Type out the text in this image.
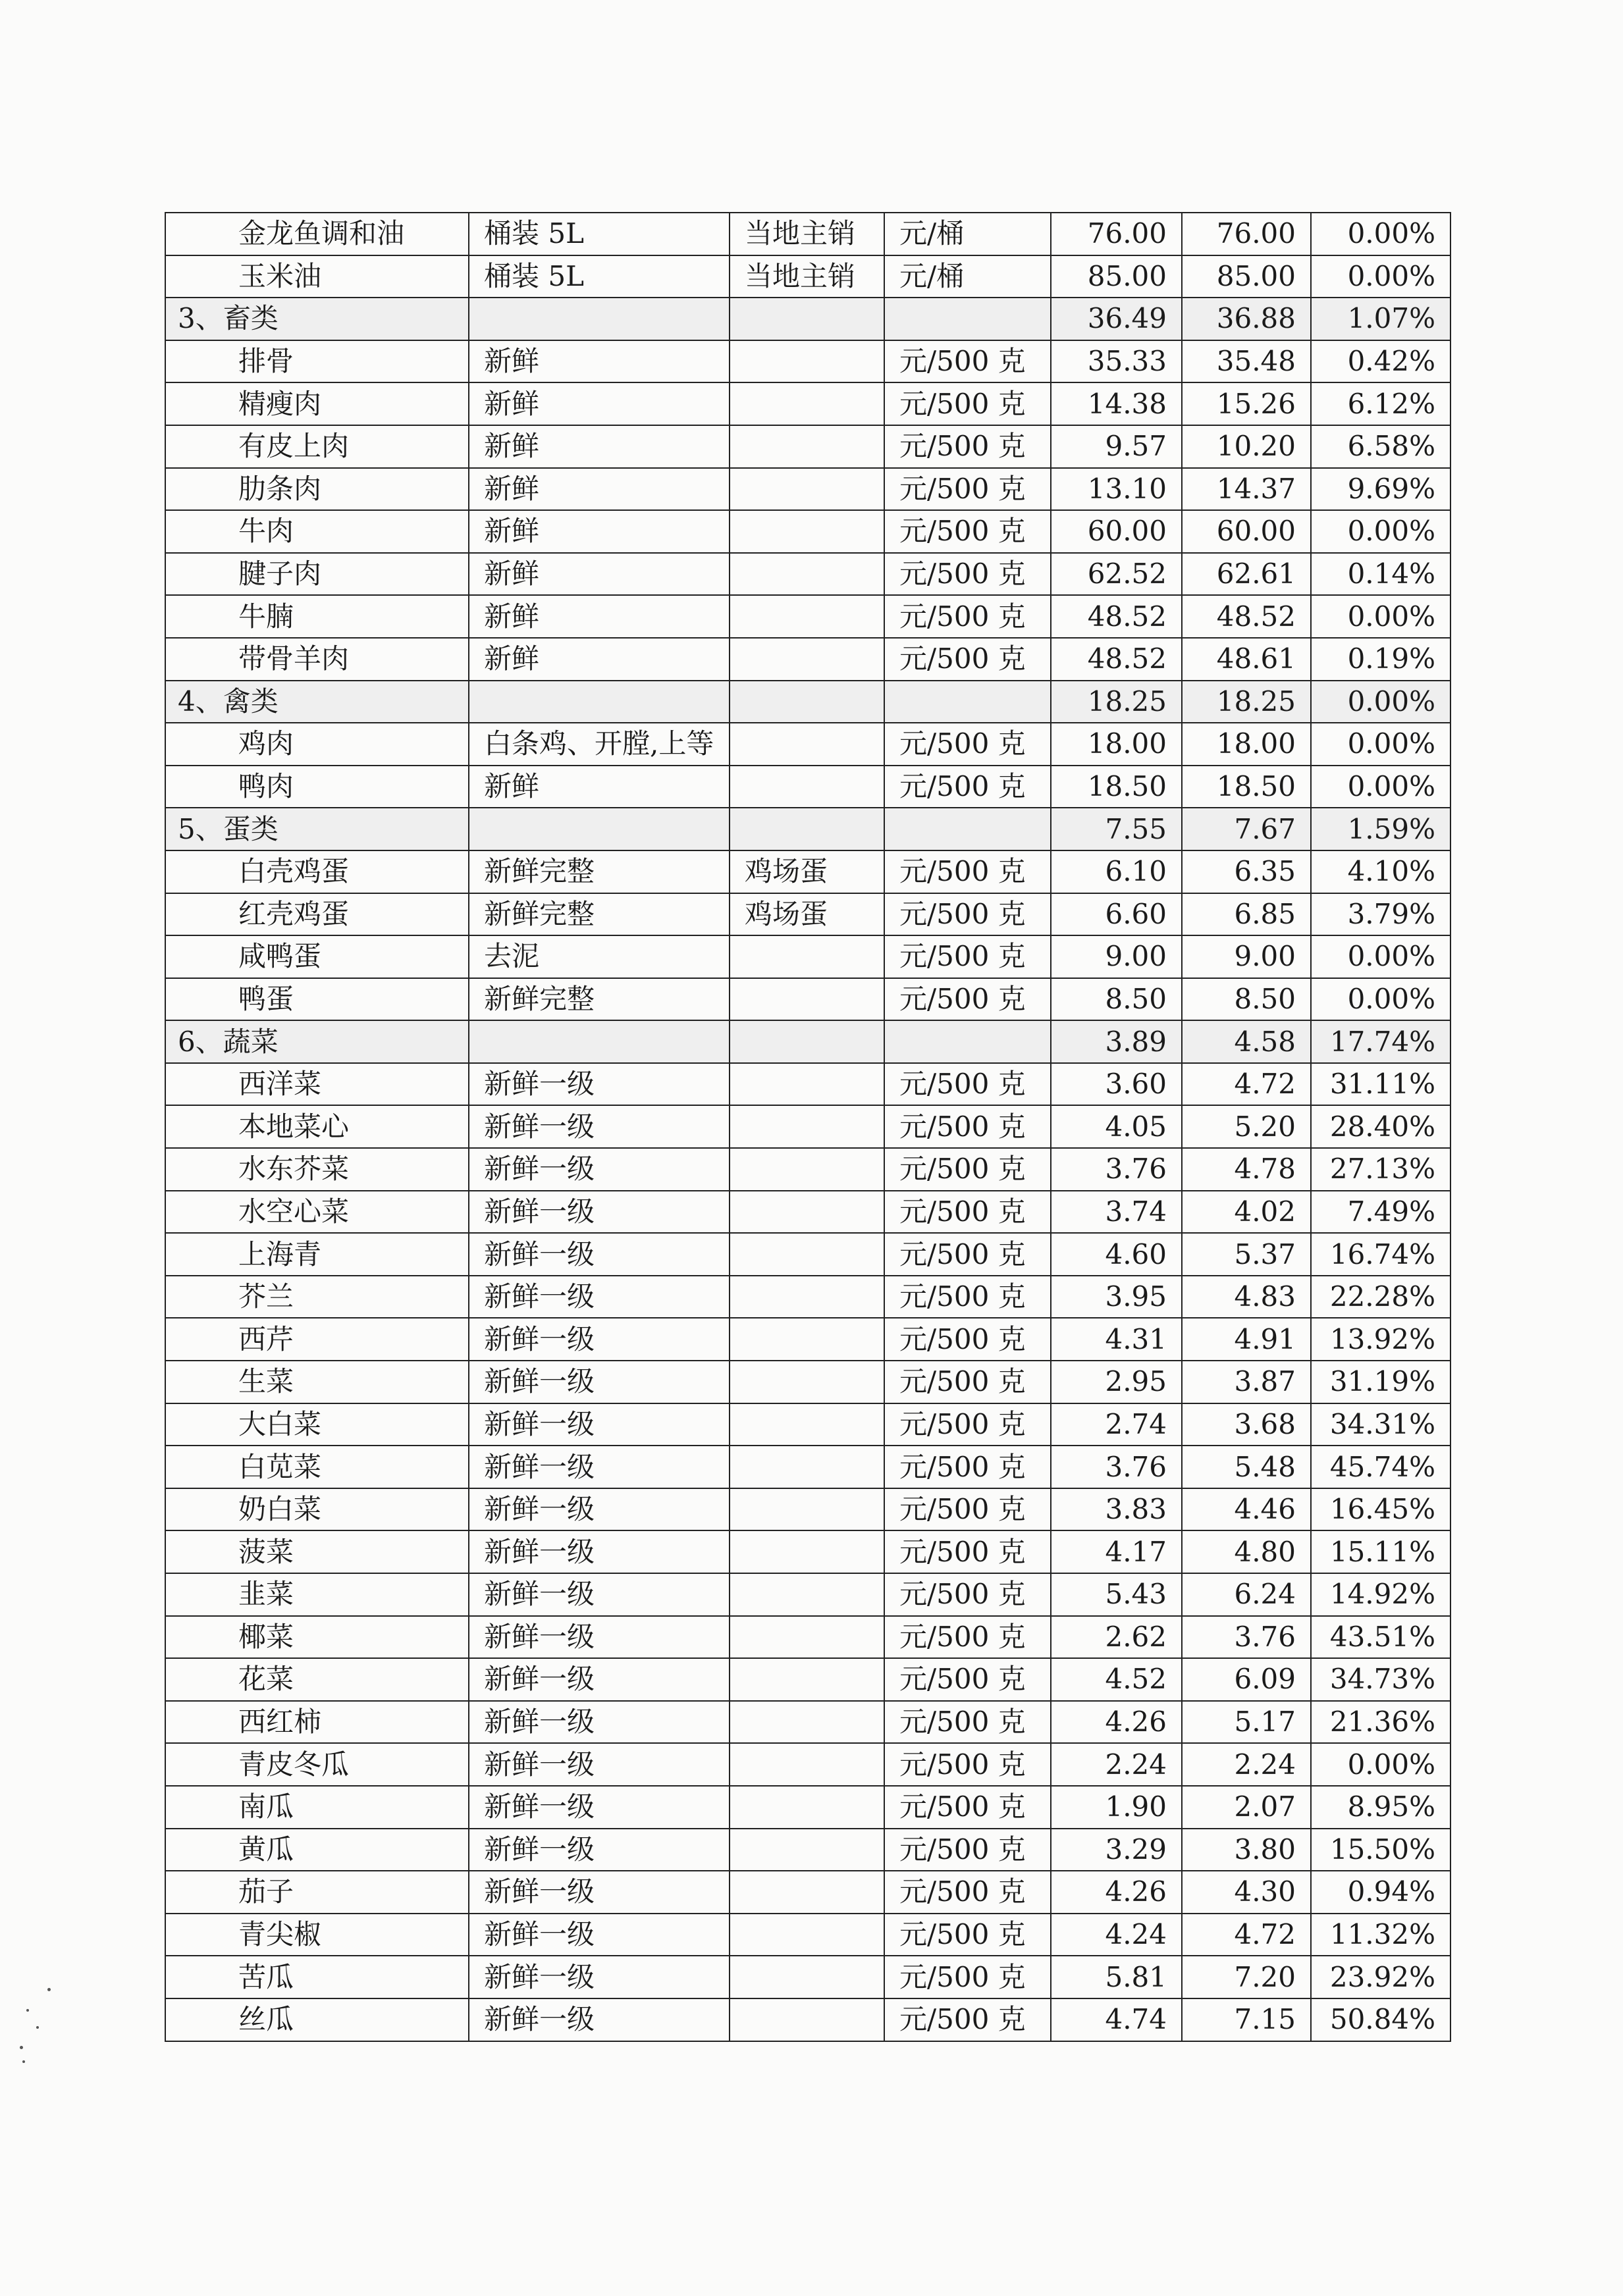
金龙鱼调和油	桶装 5L	当地主销	元/桶	76.00	76.00	0.00%
玉米油	桶装 5L	当地主销	元/桶	85.00	85.00	0.00%
3、畜类				36.49	36.88	1.07%
排骨	新鲜		元/500 克	35.33	35.48	0.42%
精瘦肉	新鲜		元/500 克	14.38	15.26	6.12%
有皮上肉	新鲜		元/500 克	9.57	10.20	6.58%
肋条肉	新鲜		元/500 克	13.10	14.37	9.69%
牛肉	新鲜		元/500 克	60.00	60.00	0.00%
腱子肉	新鲜		元/500 克	62.52	62.61	0.14%
牛腩	新鲜		元/500 克	48.52	48.52	0.00%
带骨羊肉	新鲜		元/500 克	48.52	48.61	0.19%
4、禽类				18.25	18.25	0.00%
鸡肉	白条鸡、开膛,上等		元/500 克	18.00	18.00	0.00%
鸭肉	新鲜		元/500 克	18.50	18.50	0.00%
5、蛋类				7.55	7.67	1.59%
白壳鸡蛋	新鲜完整	鸡场蛋	元/500 克	6.10	6.35	4.10%
红壳鸡蛋	新鲜完整	鸡场蛋	元/500 克	6.60	6.85	3.79%
咸鸭蛋	去泥		元/500 克	9.00	9.00	0.00%
鸭蛋	新鲜完整		元/500 克	8.50	8.50	0.00%
6、蔬菜				3.89	4.58	17.74%
西洋菜	新鲜一级		元/500 克	3.60	4.72	31.11%
本地菜心	新鲜一级		元/500 克	4.05	5.20	28.40%
水东芥菜	新鲜一级		元/500 克	3.76	4.78	27.13%
水空心菜	新鲜一级		元/500 克	3.74	4.02	7.49%
上海青	新鲜一级		元/500 克	4.60	5.37	16.74%
芥兰	新鲜一级		元/500 克	3.95	4.83	22.28%
西芹	新鲜一级		元/500 克	4.31	4.91	13.92%
生菜	新鲜一级		元/500 克	2.95	3.87	31.19%
大白菜	新鲜一级		元/500 克	2.74	3.68	34.31%
白苋菜	新鲜一级		元/500 克	3.76	5.48	45.74%
奶白菜	新鲜一级		元/500 克	3.83	4.46	16.45%
菠菜	新鲜一级		元/500 克	4.17	4.80	15.11%
韭菜	新鲜一级		元/500 克	5.43	6.24	14.92%
椰菜	新鲜一级		元/500 克	2.62	3.76	43.51%
花菜	新鲜一级		元/500 克	4.52	6.09	34.73%
西红柿	新鲜一级		元/500 克	4.26	5.17	21.36%
青皮冬瓜	新鲜一级		元/500 克	2.24	2.24	0.00%
南瓜	新鲜一级		元/500 克	1.90	2.07	8.95%
黄瓜	新鲜一级		元/500 克	3.29	3.80	15.50%
茄子	新鲜一级		元/500 克	4.26	4.30	0.94%
青尖椒	新鲜一级		元/500 克	4.24	4.72	11.32%
苦瓜	新鲜一级		元/500 克	5.81	7.20	23.92%
丝瓜	新鲜一级		元/500 克	4.74	7.15	50.84%
